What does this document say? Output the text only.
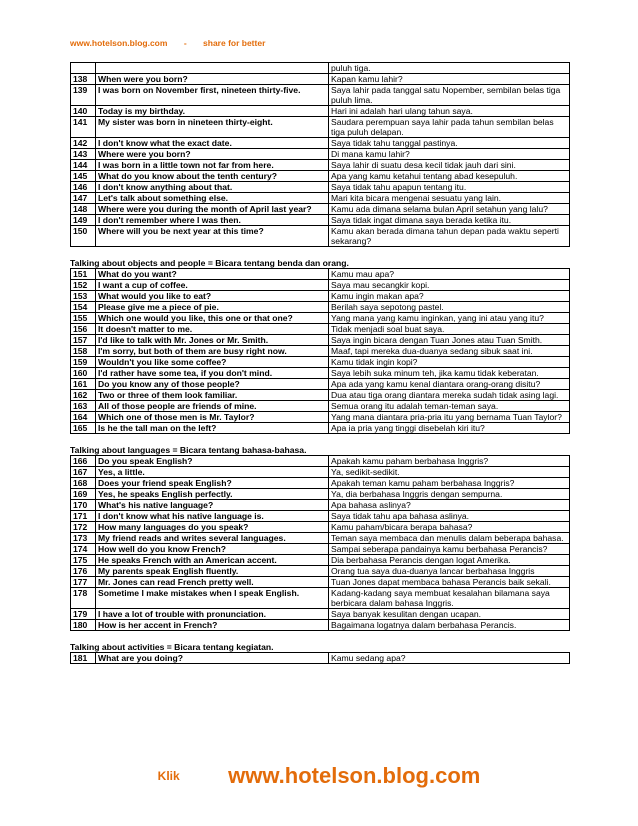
www.hotelson.blog.com - share for better
		puluh tiga.
138	When were you born?	Kapan kamu lahir?
139	I was born on November first, nineteen thirty-five.	Saya lahir pada tanggal satu Nopember, sembilan belas tiga puluh lima.
140	Today is my birthday.	Hari ini adalah hari ulang tahun saya.
141	My sister was born in nineteen thirty-eight.	Saudara perempuan saya lahir pada tahun sembilan belas tiga puluh delapan.
142	I don't know what the exact date.	Saya tidak tahu tanggal pastinya.
143	Where were you born?	Di mana kamu lahir?
144	I was born in a little town not far from here.	Saya lahir di suatu desa kecil tidak jauh dari sini.
145	What do you know about the tenth century?	Apa yang kamu ketahui tentang abad kesepuluh.
146	I don't know anything about that.	Saya tidak tahu apapun tentang itu.
147	Let's talk about something else.	Mari kita bicara mengenai sesuatu yang lain.
148	Where were you during the month of April last year?	Kamu ada dimana selama bulan April setahun yang lalu?
149	I don't remember where I was then.	Saya tidak ingat dimana saya berada ketika itu.
150	Where will you be next year at this time?	Kamu akan berada dimana tahun depan pada waktu seperti sekarang?
Talking about objects and people = Bicara tentang benda dan orang.
151	What do you want?	Kamu mau apa?
152	I want a cup of coffee.	Saya mau secangkir kopi.
153	What would you like to eat?	Kamu ingin makan apa?
154	Please give me a piece of pie.	Berilah saya sepotong pastel.
155	Which one would you like, this one or that one?	Yang mana yang kamu inginkan, yang ini atau yang itu?
156	It doesn't matter to me.	Tidak menjadi soal buat saya.
157	I'd like to talk with Mr. Jones or Mr. Smith.	Saya ingin bicara dengan Tuan Jones atau Tuan Smith.
158	I'm sorry, but both of them are busy right now.	Maaf, tapi mereka dua-duanya sedang sibuk saat ini.
159	Wouldn't you like some coffee?	Kamu tidak ingin kopi?
160	I'd rather have some tea, if you don't mind.	Saya lebih suka minum teh, jika kamu tidak keberatan.
161	Do you know any of those people?	Apa ada yang kamu kenal diantara orang-orang disitu?
162	Two or three of them look familiar.	Dua atau tiga orang diantara mereka sudah tidak asing lagi.
163	All of those people are friends of mine.	Semua orang itu adalah teman-teman saya.
164	Which one of those men is Mr. Taylor?	Yang mana diantara pria-pria itu yang bernama Tuan Taylor?
165	Is he the tall man on the left?	Apa ia pria yang tinggi disebelah kiri itu?
Talking about languages = Bicara tentang bahasa-bahasa.
166	Do you speak English?	Apakah kamu paham berbahasa Inggris?
167	Yes, a little.	Ya, sedikit-sedikit.
168	Does your friend speak English?	Apakah teman kamu paham berbahasa Inggris?
169	Yes, he speaks English perfectly.	Ya, dia berbahasa Inggris dengan sempurna.
170	What's his native language?	Apa bahasa aslinya?
171	I don't know what his native language is.	Saya tidak tahu apa bahasa aslinya.
172	How many languages do you speak?	Kamu paham/bicara berapa bahasa?
173	My friend reads and writes several languages.	Teman saya membaca dan menulis dalam beberapa bahasa.
174	How well do you know French?	Sampai seberapa pandainya kamu berbahasa Perancis?
175	He speaks French with an American accent.	Dia berbahasa Perancis dengan logat Amerika.
176	My parents speak English fluently.	Orang tua saya dua-duanya lancar berbahasa Inggris
177	Mr. Jones can read French pretty well.	Tuan Jones dapat membaca bahasa Perancis baik sekali.
178	Sometime I make mistakes when I speak English.	Kadang-kadang saya membuat kesalahan bilamana saya berbicara dalam bahasa Inggris.
179	I have a lot of trouble with pronunciation.	Saya banyak kesulitan dengan ucapan.
180	How is her accent in French?	Bagaimana logatnya dalam berbahasa Perancis.
Talking about activities = Bicara tentang kegiatan.
181	What are you doing?	Kamu sedang apa?
Klik www.hotelson.blog.com
